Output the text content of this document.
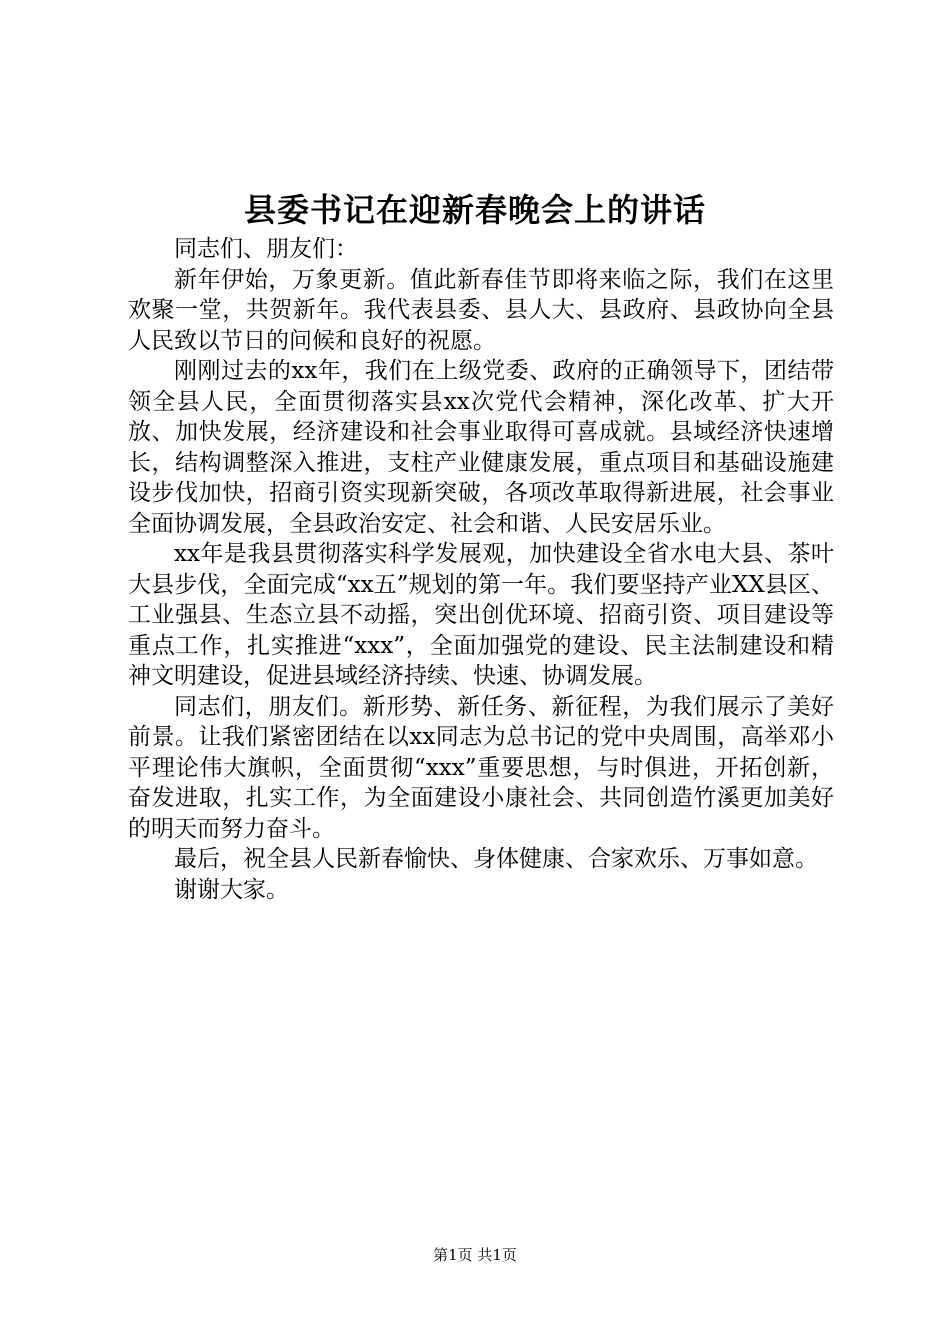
县委书记在迎新春晚会上的讲话

同志们、朋友们：

新年伊始，万象更新。值此新春佳节即将来临之际，我们在这里欢聚一堂，共贺新年。我代表县委、县人大、县政府、县政协向全县人民致以节日的问候和良好的祝愿。

刚刚过去的xx年，我们在上级党委、政府的正确领导下，团结带领全县人民，全面贯彻落实县xx次党代会精神，深化改革、扩大开放、加快发展，经济建设和社会事业取得可喜成就。县域经济快速增长，结构调整深入推进，支柱产业健康发展，重点项目和基础设施建设步伐加快，招商引资实现新突破，各项改革取得新进展，社会事业全面协调发展，全县政治安定、社会和谐、人民安居乐业。

xx年是我县贯彻落实科学发展观，加快建设全省水电大县、茶叶大县步伐，全面完成“xx五”规划的第一年。我们要坚持产业XX县区、工业强县、生态立县不动摇，突出创优环境、招商引资、项目建设等重点工作，扎实推进“xxx”，全面加强党的建设、民主法制建设和精神文明建设，促进县域经济持续、快速、协调发展。

同志们，朋友们。新形势、新任务、新征程，为我们展示了美好前景。让我们紧密团结在以xx同志为总书记的党中央周围，高举邓小平理论伟大旗帜，全面贯彻“xxx”重要思想，与时俱进，开拓创新，奋发进取，扎实工作，为全面建设小康社会、共同创造竹溪更加美好的明天而努力奋斗。

最后，祝全县人民新春愉快、身体健康、合家欢乐、万事如意。

谢谢大家。

第1页 共1页
